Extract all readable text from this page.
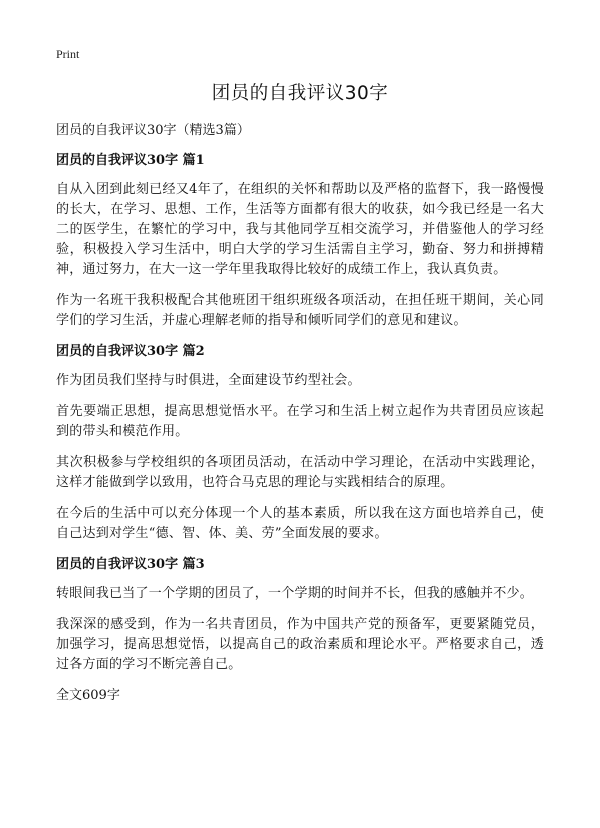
Print
团员的自我评议30字
团员的自我评议30字（精选3篇）
团员的自我评议30字 篇1

自从入团到此刻已经又4年了，在组织的关怀和帮助以及严格的监督下，我一路慢慢的长大，在学习、思想、工作，生活等方面都有很大的收获，如今我已经是一名大二的医学生，在繁忙的学习中，我与其他同学互相交流学习，并借鉴他人的学习经验，积极投入学习生活中，明白大学的学习生活需自主学习，勤奋、努力和拼搏精神，通过努力，在大一这一学年里我取得比较好的成绩工作上，我认真负责。

作为一名班干我积极配合其他班团干组织班级各项活动，在担任班干期间，关心同学们的学习生活，并虚心理解老师的指导和倾听同学们的意见和建议。

团员的自我评议30字 篇2

作为团员我们坚持与时俱进，全面建设节约型社会。

首先要端正思想，提高思想觉悟水平。在学习和生活上树立起作为共青团员应该起到的带头和模范作用。

其次积极参与学校组织的各项团员活动，在活动中学习理论，在活动中实践理论，这样才能做到学以致用，也符合马克思的理论与实践相结合的原理。

在今后的生活中可以充分体现一个人的基本素质，所以我在这方面也培养自己，使自己达到对学生“德、智、体、美、劳”全面发展的要求。

团员的自我评议30字 篇3

转眼间我已当了一个学期的团员了，一个学期的时间并不长，但我的感触并不少。

我深深的感受到，作为一名共青团员，作为中国共产党的预备军，更要紧随党员，加强学习，提高思想觉悟，以提高自己的政治素质和理论水平。严格要求自己，透过各方面的学习不断完善自己。

全文609字
